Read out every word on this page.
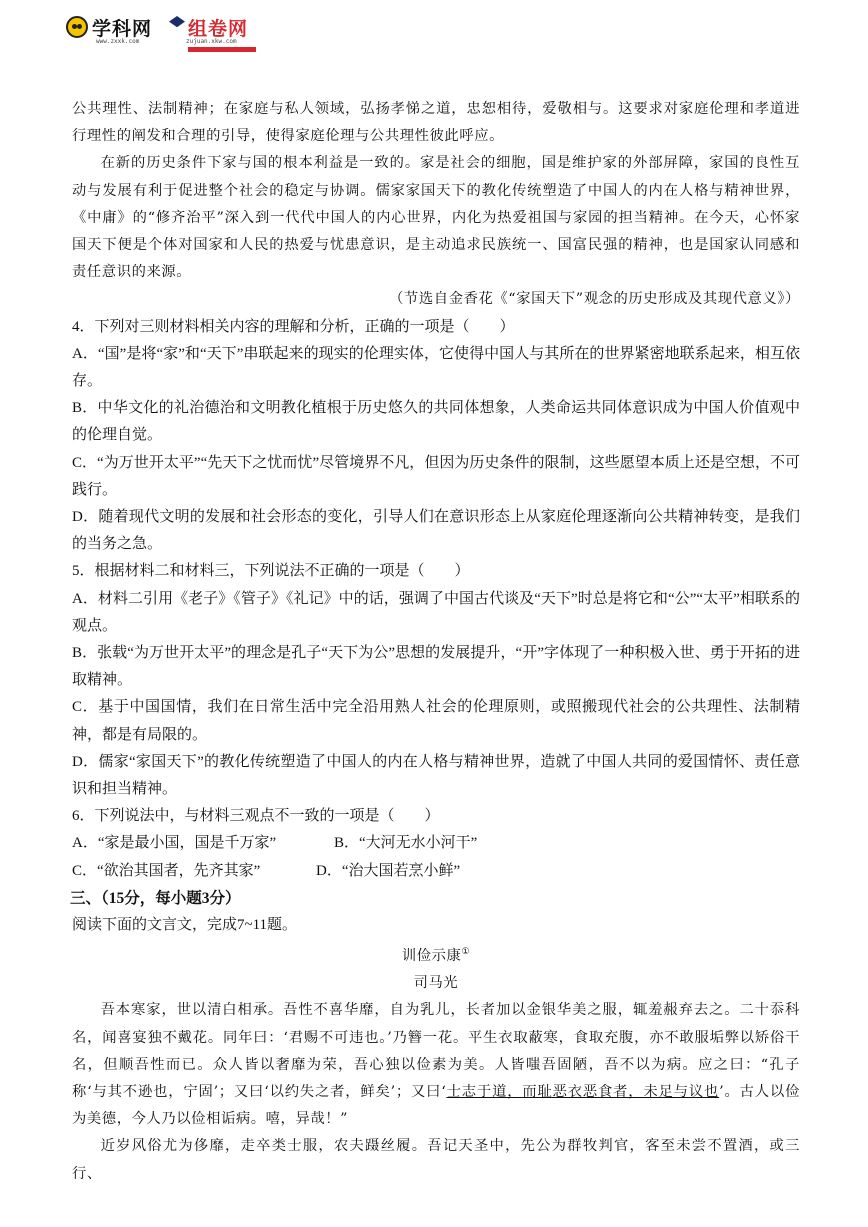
学科网 组卷网
www.zxxk.com	zujuan.xkw.com

公共理性、法制精神；在家庭与私人领域，弘扬孝悌之道，忠恕相待，爱敬相与。这要求对家庭伦理和孝道进行理性的阐发和合理的引导，使得家庭伦理与公共理性彼此呼应。

在新的历史条件下家与国的根本利益是一致的。家是社会的细胞，国是维护家的外部屏障，家国的良性互动与发展有利于促进整个社会的稳定与协调。儒家家国天下的教化传统塑造了中国人的内在人格与精神世界，《中庸》的“修齐治平”深入到一代代中国人的内心世界，内化为热爱祖国与家园的担当精神。在今天，心怀家国天下便是个体对国家和人民的热爱与忧患意识，是主动追求民族统一、国富民强的精神，也是国家认同感和责任意识的来源。

（节选自金香花《“家国天下”观念的历史形成及其现代意义》）

4．下列对三则材料相关内容的理解和分析，正确的一项是（　　）

A．“国”是将“家”和“天下”串联起来的现实的伦理实体，它使得中国人与其所在的世界紧密地联系起来，相互依存。

B．中华文化的礼治德治和文明教化植根于历史悠久的共同体想象，人类命运共同体意识成为中国人价值观中的伦理自觉。

C．“为万世开太平”“先天下之忧而忧”尽管境界不凡，但因为历史条件的限制，这些愿望本质上还是空想，不可践行。

D．随着现代文明的发展和社会形态的变化，引导人们在意识形态上从家庭伦理逐渐向公共精神转变，是我们的当务之急。

5．根据材料二和材料三，下列说法不正确的一项是（　　）

A．材料二引用《老子》《管子》《礼记》中的话，强调了中国古代谈及“天下”时总是将它和“公”“太平”相联系的观点。

B．张载“为万世开太平”的理念是孔子“天下为公”思想的发展提升，“开”字体现了一种积极入世、勇于开拓的进取精神。

C．基于中国国情，我们在日常生活中完全沿用熟人社会的伦理原则，或照搬现代社会的公共理性、法制精神，都是有局限的。

D．儒家“家国天下”的教化传统塑造了中国人的内在人格与精神世界，造就了中国人共同的爱国情怀、责任意识和担当精神。

6．下列说法中，与材料三观点不一致的一项是（　　）

A．“家是最小国，国是千万家”	B．“大河无水小河干”
C．“欲治其国者，先齐其家”	D．“治大国若烹小鲜”

三、（15分，每小题3分）

阅读下面的文言文，完成7~11题。

训俭示康①

司马光

吾本寒家，世以清白相承。吾性不喜华靡，自为乳儿，长者加以金银华美之服，辄羞赧弃去之。二十忝科名，闻喜宴独不戴花。同年曰：‘君赐不可违也。’乃簪一花。平生衣取蔽寒，食取充腹，亦不敢服垢弊以矫俗干名，但顺吾性而已。众人皆以奢靡为荣，吾心独以俭素为美。人皆嗤吾固陋，吾不以为病。应之曰：“孔子称‘与其不逊也，宁固’；又曰‘以约失之者，鲜矣’；又曰‘士志于道，而耻恶衣恶食者，未足与议也’。古人以俭为美德，今人乃以俭相诟病。嘻，异哉！”

近岁风俗尤为侈靡，走卒类士服，农夫蹑丝履。吾记天圣中，先公为群牧判官，客至未尝不置酒，或三行、
